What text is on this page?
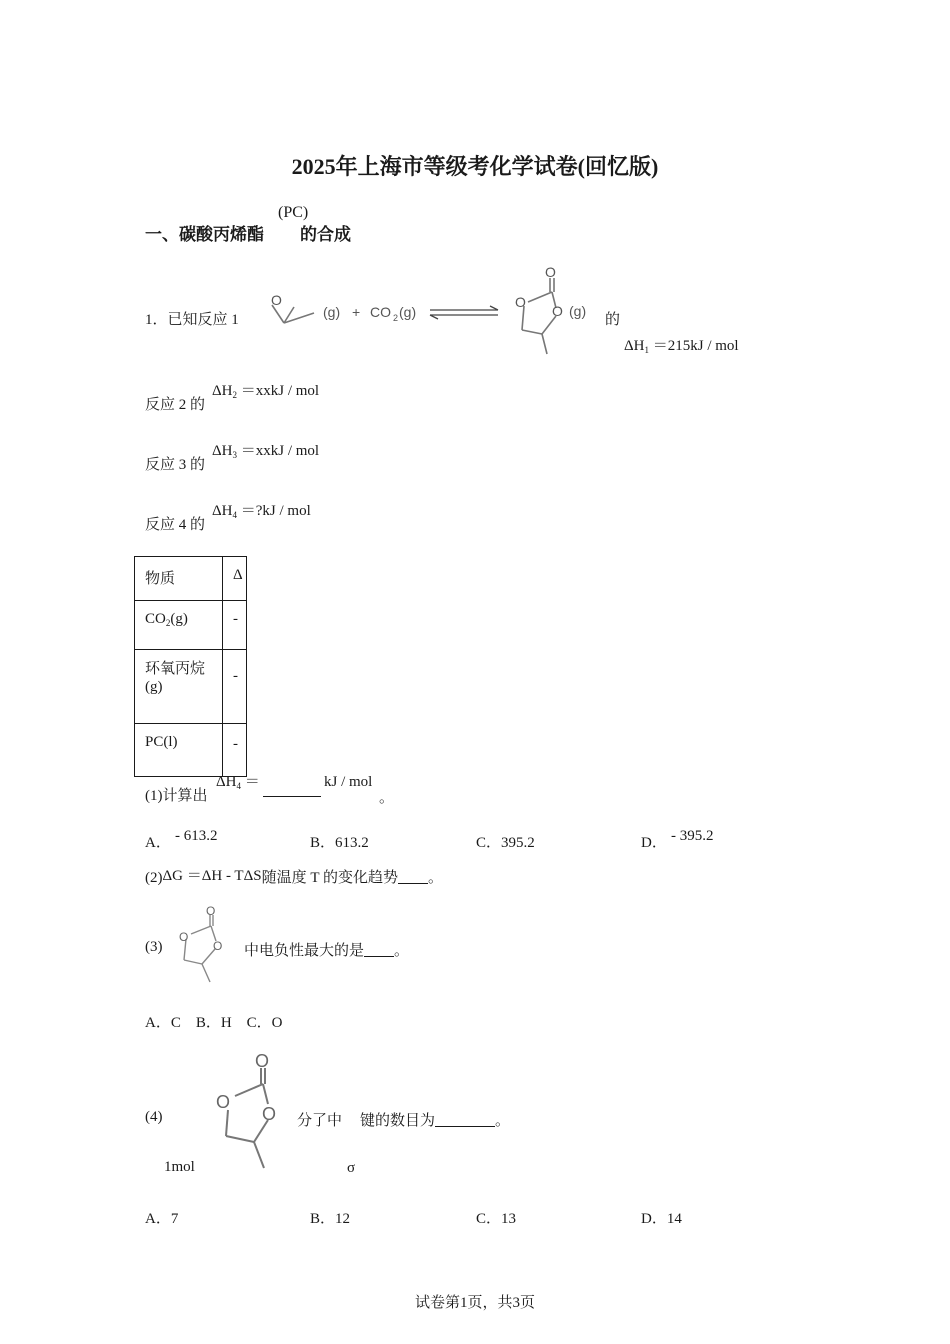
2025年上海市等级考化学试卷(回忆版)
一、碳酸丙烯酯
(PC)
的合成
1．已知反应 1
O
(g) + CO 2 (g)
O
O
O (g)
的
$\Delta H_1 =215kJ$ / mol
反应 2 的
$\Delta H_2$ ＝xxkJ / mol
反应 3 的
$\Delta H_3$ ＝xxkJ / mol
反应 4 的
$\Delta H_4$ ＝?kJ / mol
物质	Δ
$CO_2(g)$	-
环氧丙烷
(g)	-
PC(l)	-
(1)计算出
$\Delta H_4$ ＝	kJ / mol
。
A． - 613.2	B．613.2	C．395.2	D． - 395.2
(2)ΔG ＝ΔH - TΔS随温度 T 的变化趋势 。
(3)
O
O
O 中电负性最大的是 。
A．C    B．H    C．O
(4)
O
O
O 分了中 键的数目为	。
1mol	σ
A．7	B．12	C．13	D．14
试卷第1页，共3页
